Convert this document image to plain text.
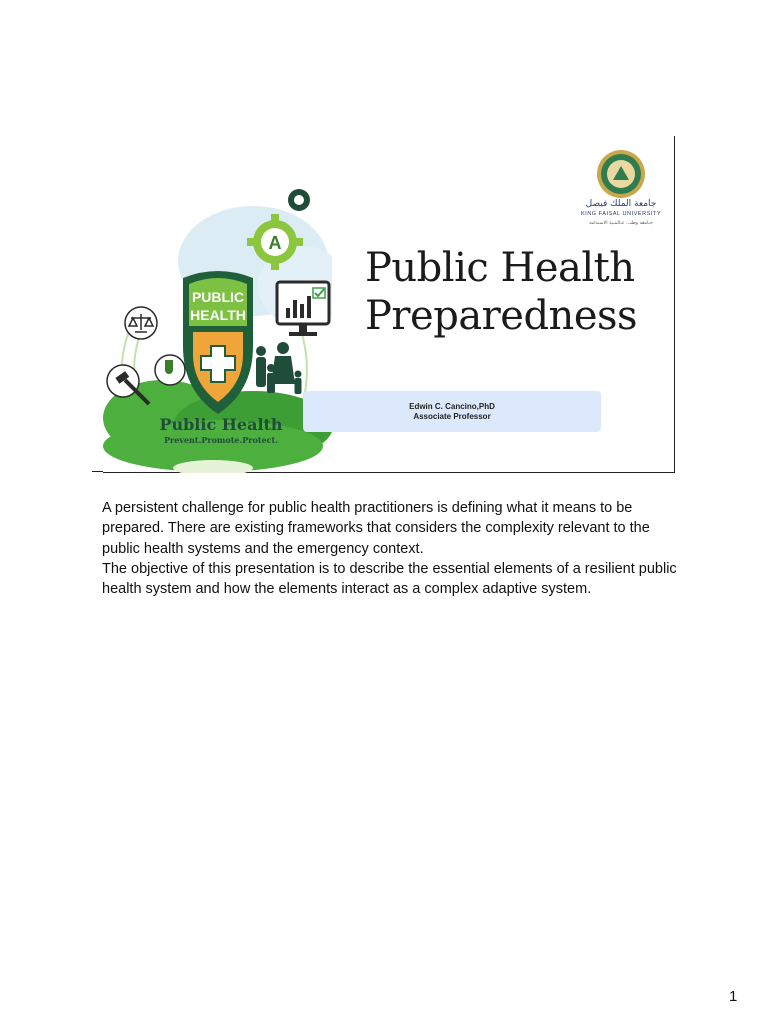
A
PUBLIC
HEALTH
Public Health
Prevent.Promote.Protect.
جامعة الملك فيصل
KING FAISAL UNIVERSITY
جـامعة وطنـ.. عـالمـية الاستدامة
Public Health
Preparedness
Edwin C. Cancino,PhD
Associate Professor

A persistent challenge for public health practitioners is defining what it means to be prepared. There are existing frameworks that considers the complexity relevant to the public health systems and the emergency context.

The objective of this presentation is to describe the essential elements of a resilient public health system and how the elements interact as a complex adaptive system.

1
